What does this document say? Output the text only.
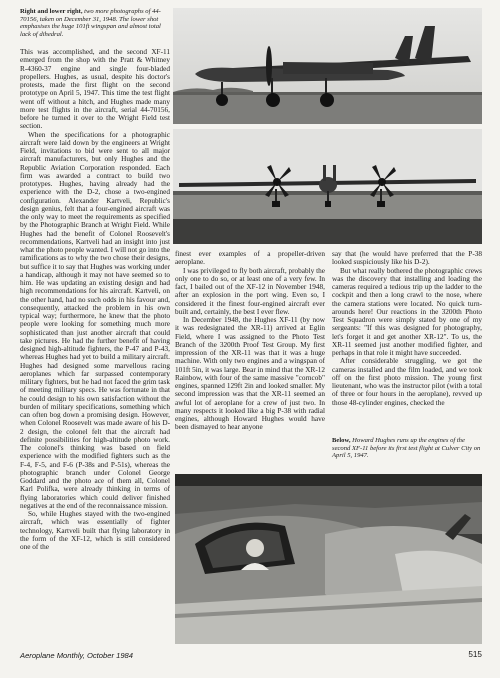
Right and lower right, two more photographs of 44-70156, taken on December 31, 1948. The lower shot emphasises the huge 101ft wingspan and almost total lack of dihedral.

This was accomplished, and the second XF-11 emerged from the shop with the Pratt & Whitney R-4360-37 engine and single four-bladed propellers. Hughes, as usual, despite his doctor's protests, made the first flight on the second prototype on April 5, 1947. This time the test flight went off without a hitch, and Hughes made many more test flights in the aircraft, serial 44-70156, before he turned it over to the Wright Field test section.

When the specifications for a photographic aircraft were laid down by the engineers at Wright Field, invitations to bid were sent to all major aircraft manufacturers, but only Hughes and the Republic Aviation Corporation responded. Each firm was awarded a contract to build two prototypes. Hughes, having already had the experience with the D-2, chose a two-engined configuration. Alexander Kartveli, Republic's design genius, felt that a four-engined aircraft was the only way to meet the requirements as specified by the Photographic Branch at Wright Field. While Hughes had the benefit of Colonel Roosevelt's recommendations, Kartveli had an insight into just what the photo people wanted. I will not go into the ramifications as to why the two chose their designs, but suffice it to say that Hughes was working under a handicap, although it may not have seemed so to him. He was updating an existing design and had high recommendations for his aircraft. Kartveli, on the other hand, had no such odds in his favour and, consequently, attacked the problem in his own typical way; furthermore, he knew that the photo people were looking for something much more sophisticated than just another aircraft that could take pictures. He had the further benefit of having designed high-altitude fighters, the P-47 and P-43, whereas Hughes had yet to build a military aircraft. Hughes had designed some marvellous racing aeroplanes which far surpassed contemporary military fighters, but he had not faced the grim task of meeting military specs. He was fortunate in that he could design to his own satisfaction without the burden of military specifications, something which can often bog down a promising design. However, when Colonel Roosevelt was made aware of his D-2 design, the colonel felt that the aircraft had definite possibilities for high-altitude photo work. The colonel's thinking was based on field experience with the modified fighters such as the F-4, F-5, and F-6 (P-38s and P-51s), whereas the photographic branch under Colonel George Goddard and the photo ace of them all, Colonel Karl Polifka, were already thinking in terms of flying laboratories which could deliver finished negatives at the end of the reconnaissance mission.

So, while Hughes stayed with the two-engined aircraft, which was essentially of fighter technology, Kartveli built that flying laboratory in the form of the XF-12, which is still considered one of the

finest ever examples of a propeller-driven aeroplane.

I was privileged to fly both aircraft, probably the only one to do so, or at least one of a very few. In fact, I bailed out of the XF-12 in November 1948, after an explosion in the port wing. Even so, I considered it the finest four-engined aircraft ever built and, certainly, the best I ever flew.

In December 1948, the Hughes XF-11 (by now it was redesignated the XR-11) arrived at Eglin Field, where I was assigned to the Photo Test Branch of the 3200th Proof Test Group. My first impression of the XR-11 was that it was a huge machine. With only two engines and a wingspan of 101ft 5in, it was large. Bear in mind that the XR-12 Rainbow, with four of the same massive "corncob" engines, spanned 129ft 2in and looked smaller. My second impression was that the XR-11 seemed an awful lot of aeroplane for a crew of just two. In many respects it looked like a big P-38 with radial engines, although Howard Hughes would have been dismayed to hear anyone

say that (he would have preferred that the P-38 looked suspiciously like his D-2).

But what really bothered the photographic crews was the discovery that installing and loading the cameras required a tedious trip up the ladder to the cockpit and then a long crawl to the nose, where the camera stations were located. No quick turn-arounds here! Our reactions in the 3200th Photo Test Squadron were simply stated by one of my sergeants: "If this was designed for photography, let's forget it and get another XR-12". To us, the XR-11 seemed just another modified fighter, and perhaps in that role it might have succeeded.

After considerable struggling, we got the cameras installed and the film loaded, and we took off on the first photo mission. The young first lieutenant, who was the instructor pilot (with a total of three or four hours in the aeroplane), revved up those 48-cylinder engines, checked the

Below, Howard Hughes runs up the engines of the second XF-11 before its first test flight at Culver City on April 5, 1947.
Aeroplane Monthly, October 1984	515
